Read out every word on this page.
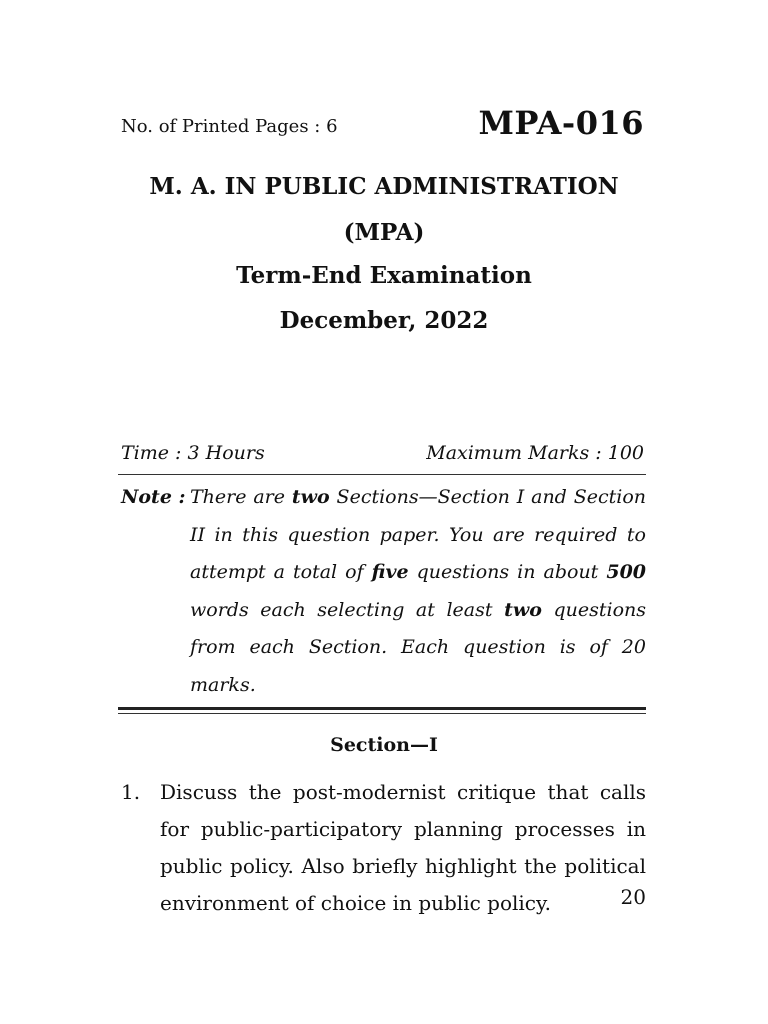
No. of Printed Pages : 6	MPA-016
M. A. IN PUBLIC ADMINISTRATION
(MPA)
Term-End Examination
December, 2022
Time : 3 Hours	Maximum Marks : 100
Note : There are two Sections—Section I and Section II in this question paper. You are required to attempt a total of five questions in about 500 words each selecting at least two questions from each Section. Each question is of 20 marks.
Section—I
1. Discuss the post-modernist critique that calls for public-participatory planning processes in public policy. Also briefly highlight the political environment of choice in public policy.	20
